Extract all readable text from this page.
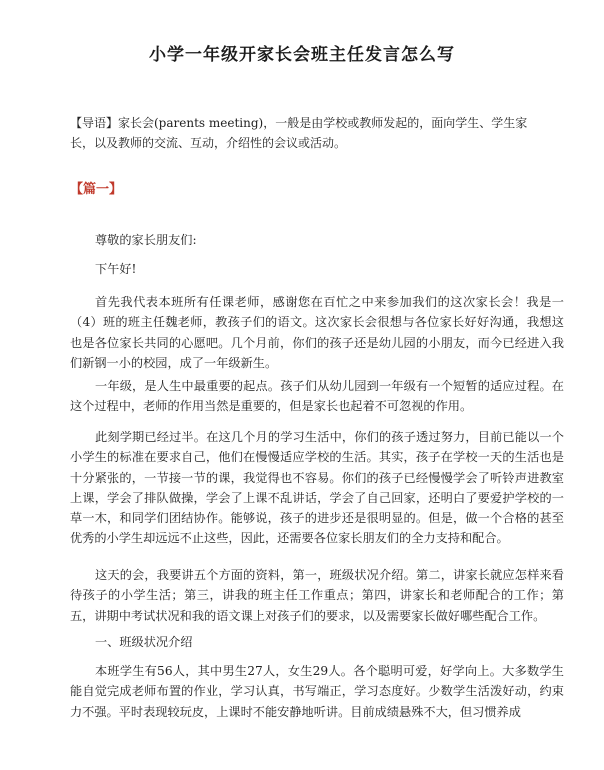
小学一年级开家长会班主任发言怎么写

【导语】家长会(parents meeting)，一般是由学校或教师发起的，面向学生、学生家长，以及教师的交流、互动，介绍性的会议或活动。

【篇一】

尊敬的家长朋友们:

下午好!

首先我代表本班所有任课老师，感谢您在百忙之中来参加我们的这次家长会！我是一（4）班的班主任魏老师，教孩子们的语文。这次家长会很想与各位家长好好沟通，我想这也是各位家长共同的心愿吧。几个月前，你们的孩子还是幼儿园的小朋友，而今已经进入我们新钢一小的校园，成了一年级新生。

一年级，是人生中最重要的起点。孩子们从幼儿园到一年级有一个短暂的适应过程。在这个过程中，老师的作用当然是重要的，但是家长也起着不可忽视的作用。

此刻学期已经过半。在这几个月的学习生活中，你们的孩子透过努力，目前已能以一个小学生的标准在要求自己，他们在慢慢适应学校的生活。其实，孩子在学校一天的生活也是十分紧张的，一节接一节的课，我觉得也不容易。你们的孩子已经慢慢学会了听铃声进教室上课，学会了排队做操，学会了上课不乱讲话，学会了自己回家，还明白了要爱护学校的一草一木，和同学们团结协作。能够说，孩子的进步还是很明显的。但是，做一个合格的甚至优秀的小学生却远远不止这些，因此，还需要各位家长朋友们的全力支持和配合。

这天的会，我要讲五个方面的资料，第一，班级状况介绍。第二，讲家长就应怎样来看待孩子的小学生活；第三，讲我的班主任工作重点；第四，讲家长和老师配合的工作；第五，讲期中考试状况和我的语文课上对孩子们的要求，以及需要家长做好哪些配合工作。

一、班级状况介绍

本班学生有56人，其中男生27人，女生29人。各个聪明可爱，好学向上。大多数学生能自觉完成老师布置的作业，学习认真，书写端正，学习态度好。少数学生活泼好动，约束力不强。平时表现较玩皮，上课时不能安静地听讲。目前成绩悬殊不大，但习惯养成
